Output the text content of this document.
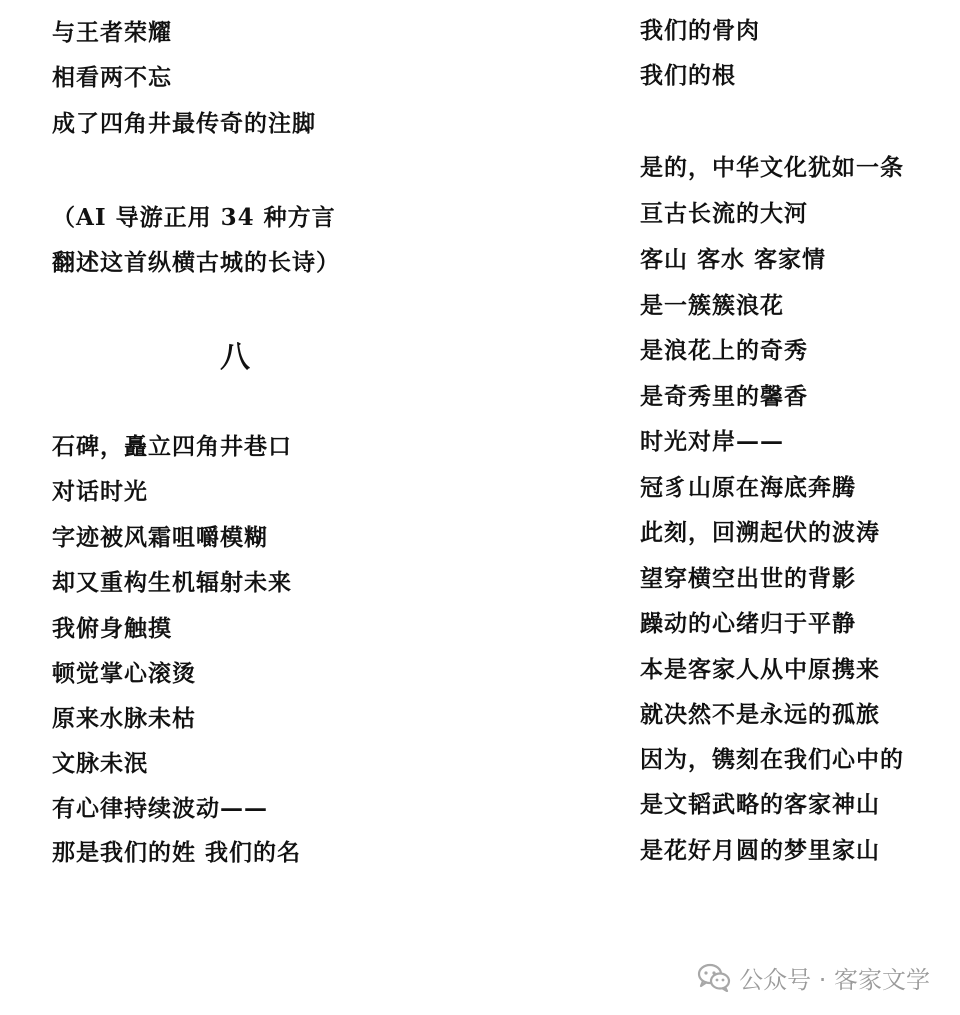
与王者荣耀
相看两不忘
成了四角井最传奇的注脚
（AI 导游正用 34 种方言
翻述这首纵横古城的长诗）
八
石碑，矗立四角井巷口
对话时光
字迹被风霜咀嚼模糊
却又重构生机辐射未来
我俯身触摸
顿觉掌心滚烫
原来水脉未枯
文脉未泯
有心律持续波动——
那是我们的姓 我们的名
我们的骨肉
我们的根
是的，中华文化犹如一条
亘古长流的大河
客山 客水 客家情
是一簇簇浪花
是浪花上的奇秀
是奇秀里的馨香
时光对岸——
冠豸山原在海底奔腾
此刻，回溯起伏的波涛
望穿横空出世的背影
躁动的心绪归于平静
本是客家人从中原携来
就决然不是永远的孤旅
因为，镌刻在我们心中的
是文韬武略的客家神山
是花好月圆的梦里家山
公众号 · 客家文学
